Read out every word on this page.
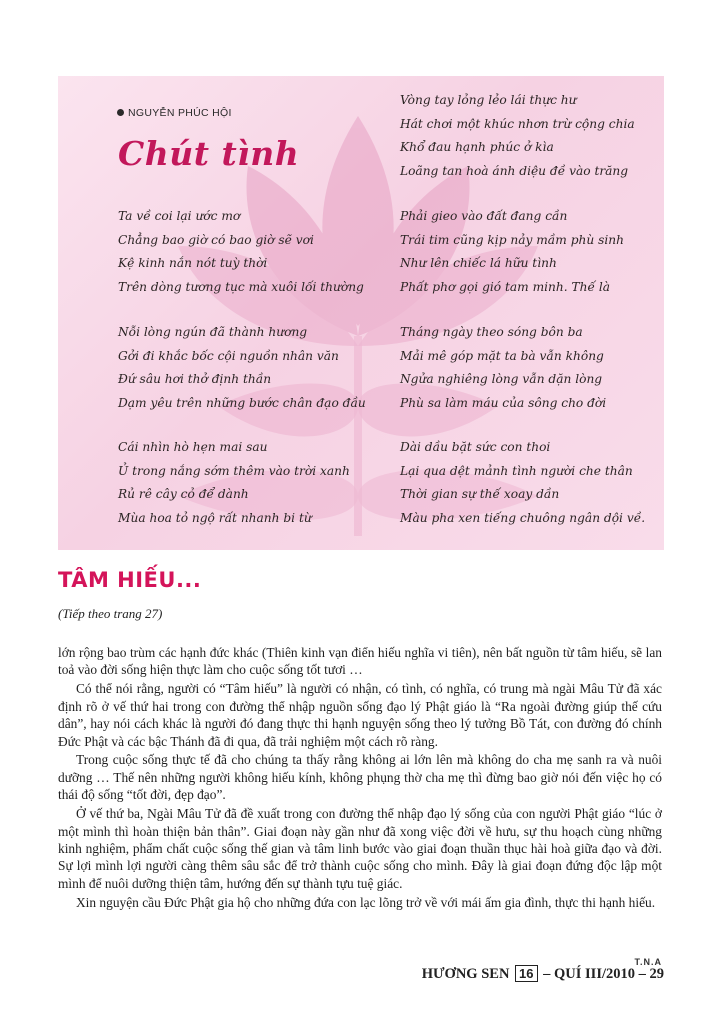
NGUYỄN PHÚC HỘI
Chút tình
Ta về coi lại ước mơ
Chẳng bao giờ có bao giờ sẽ vơi
Kệ kinh nắn nót tuỳ thời
Trên dòng tương tục mà xuôi lối thường
Nỗi lòng ngún đã thành hương
Gởi đi khắc bốc cội nguồn nhân văn
Đứ sâu hơi thở định thần
Dạm yêu trên những bước chân đạo đầu
Cái nhìn hò hẹn mai sau
Ủ trong nắng sớm thêm vào trời xanh
Rủ rê cây cỏ để dành
Mùa hoa tỏ ngộ rất nhanh bi từ
Vòng tay lỏng lẻo lái thực hư
Hát chơi một khúc nhơn trừ cộng chia
Khổ đau hạnh phúc ở kìa
Loãng tan hoà ánh diệu đề vào trăng
Phải gieo vào đất đang cần
Trái tim cũng kịp nảy mầm phù sinh
Như lên chiếc lá hữu tình
Phất phơ gọi gió tam minh. Thế là
Tháng ngày theo sóng bôn ba
Mải mê góp mặt ta bà vẫn không
Ngửa nghiêng lòng vẫn dặn lòng
Phù sa làm máu của sông cho đời
Dài dầu bặt sức con thoi
Lại qua dệt mảnh tình người che thân
Thời gian sự thế xoay dần
Màu pha xen tiếng chuông ngân dội về.
TÂM HIẾU...
(Tiếp theo trang 27)

lớn rộng bao trùm các hạnh đức khác (Thiên kinh vạn điển hiếu nghĩa vi tiên), nên bất nguồn từ tâm hiếu, sẽ lan toả vào đời sống hiện thực làm cho cuộc sống tốt tươi …

Có thể nói rằng, người có “Tâm hiếu” là người có nhận, có tình, có nghĩa, có trung mà ngài Mâu Tử đã xác định rõ ở vế thứ hai trong con đường thể nhập nguồn sống đạo lý Phật giáo là “Ra ngoài đường giúp thế cứu dân”, hay nói cách khác là người đó đang thực thi hạnh nguyện sống theo lý tưởng Bồ Tát, con đường đó chính Đức Phật và các bậc Thánh đã đi qua, đã trải nghiệm một cách rõ ràng.

Trong cuộc sống thực tế đã cho chúng ta thấy rằng không ai lớn lên mà không do cha mẹ sanh ra và nuôi dưỡng … Thế nên những người không hiếu kính, không phụng thờ cha mẹ thì đừng bao giờ nói đến việc họ có thái độ sống “tốt đời, đẹp đạo”.

Ở vế thứ ba, Ngài Mâu Tử đã đề xuất trong con đường thể nhập đạo lý sống của con người Phật giáo “lúc ở một mình thì hoàn thiện bản thân”. Giai đoạn này gần như đã xong việc đời về hưu, sự thu hoạch cùng những kinh nghiệm, phẩm chất cuộc sống thế gian và tâm linh bước vào giai đoạn thuần thục hài hoà giữa đạo và đời. Sự lợi mình lợi người càng thêm sâu sắc để trở thành cuộc sống cho mình. Đây là giai đoạn đứng độc lập một mình để nuôi dưỡng thiện tâm, hướng đến sự thành tựu tuệ giác.

Xin nguyện cầu Đức Phật gia hộ cho những đứa con lạc lõng trở về với mái ấm gia đình, thực thi hạnh hiếu.

T.N.A
HƯƠNG SEN 16 – QUÍ III/2010 – 29
